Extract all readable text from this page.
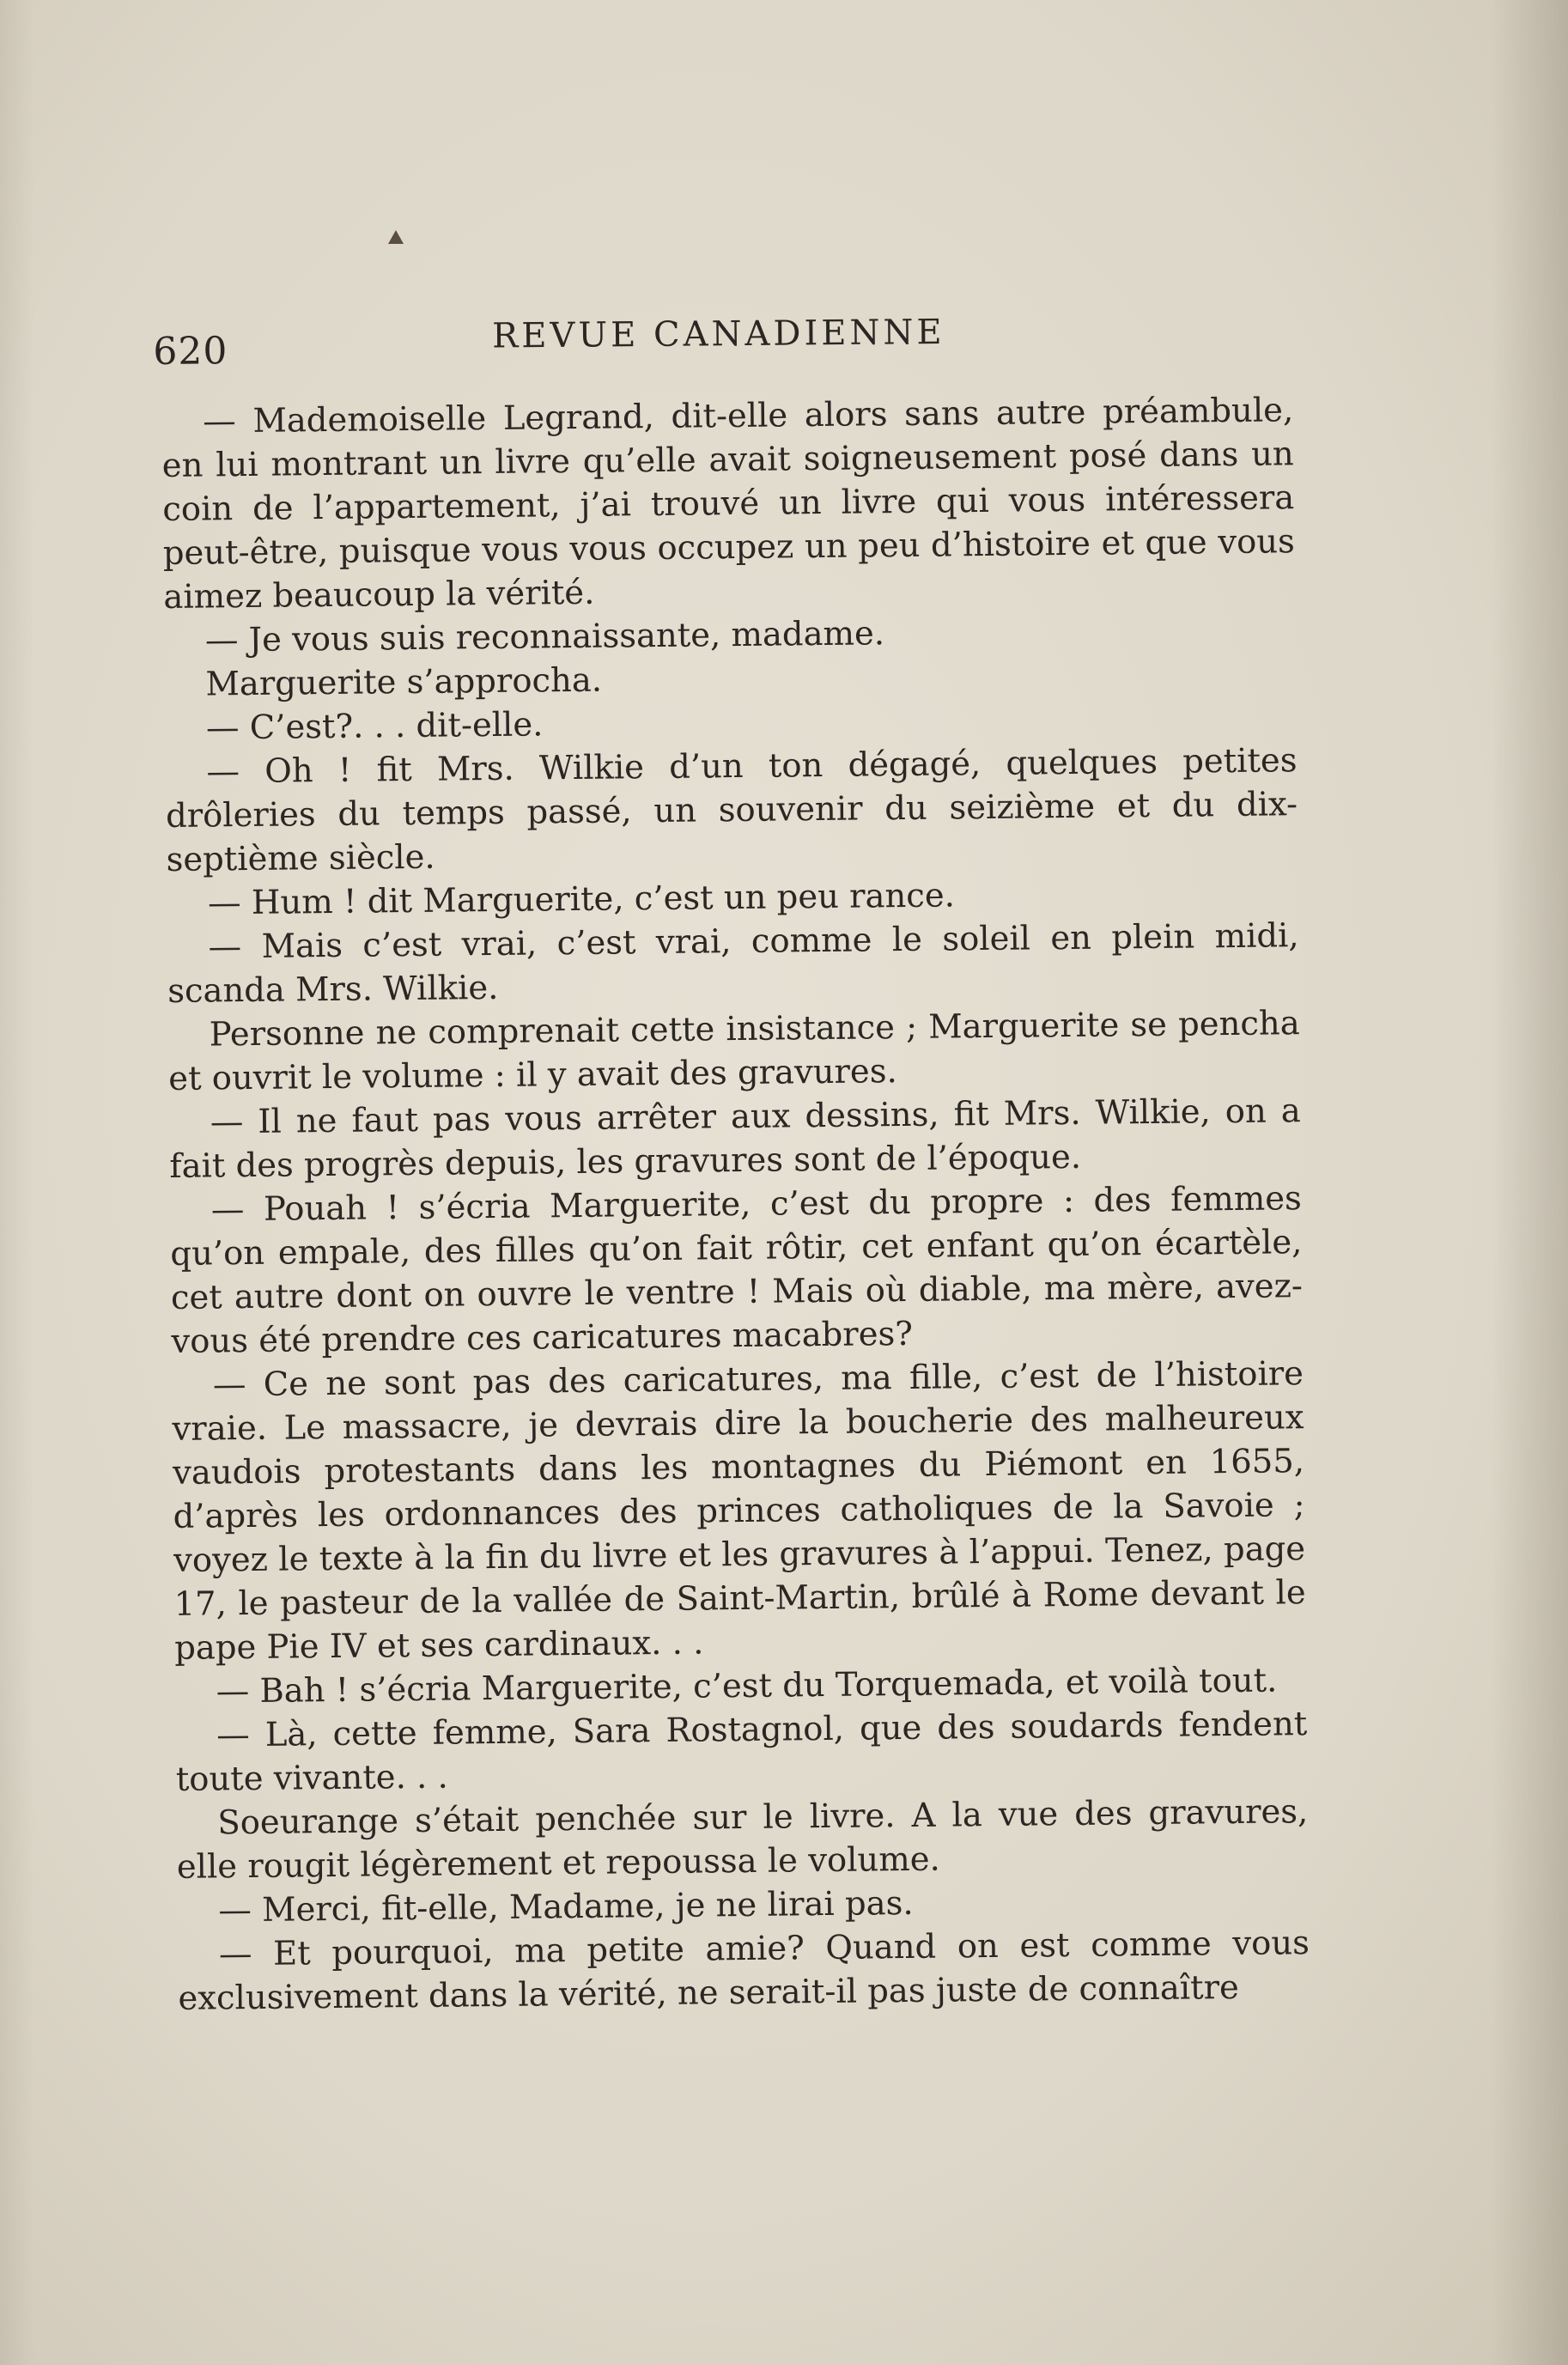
620	REVUE CANADIENNE

— Mademoiselle Legrand, dit-elle alors sans autre préambule, en lui montrant un livre qu’elle avait soigneusement posé dans un coin de l’appartement, j’ai trouvé un livre qui vous intéressera peut-être, puisque vous vous occupez un peu d’histoire et que vous aimez beaucoup la vérité.

— Je vous suis reconnaissante, madame.

Marguerite s’approcha.

— C’est?. . . dit-elle.

— Oh ! fit Mrs. Wilkie d’un ton dégagé, quelques petites drôleries du temps passé, un souvenir du seizième et du dix-septième siècle.

— Hum ! dit Marguerite, c’est un peu rance.

— Mais c’est vrai, c’est vrai, comme le soleil en plein midi, scanda Mrs. Wilkie.

Personne ne comprenait cette insistance ; Marguerite se pencha et ouvrit le volume : il y avait des gravures.

— Il ne faut pas vous arrêter aux dessins, fit Mrs. Wilkie, on a fait des progrès depuis, les gravures sont de l’époque.

— Pouah ! s’écria Marguerite, c’est du propre : des femmes qu’on empale, des filles qu’on fait rôtir, cet enfant qu’on écartèle, cet autre dont on ouvre le ventre ! Mais où diable, ma mère, avez-vous été prendre ces caricatures macabres?

— Ce ne sont pas des caricatures, ma fille, c’est de l’histoire vraie. Le massacre, je devrais dire la boucherie des malheureux vaudois protestants dans les montagnes du Piémont en 1655, d’après les ordonnances des princes catholiques de la Savoie ; voyez le texte à la fin du livre et les gravures à l’appui. Tenez, page 17, le pasteur de la vallée de Saint-Martin, brûlé à Rome devant le pape Pie IV et ses cardinaux. . .

— Bah ! s’écria Marguerite, c’est du Torquemada, et voilà tout.

— Là, cette femme, Sara Rostagnol, que des soudards fendent toute vivante. . .

Soeurange s’était penchée sur le livre. A la vue des gravures, elle rougit légèrement et repoussa le volume.

— Merci, fit-elle, Madame, je ne lirai pas.

— Et pourquoi, ma petite amie? Quand on est comme vous exclusivement dans la vérité, ne serait-il pas juste de connaître
